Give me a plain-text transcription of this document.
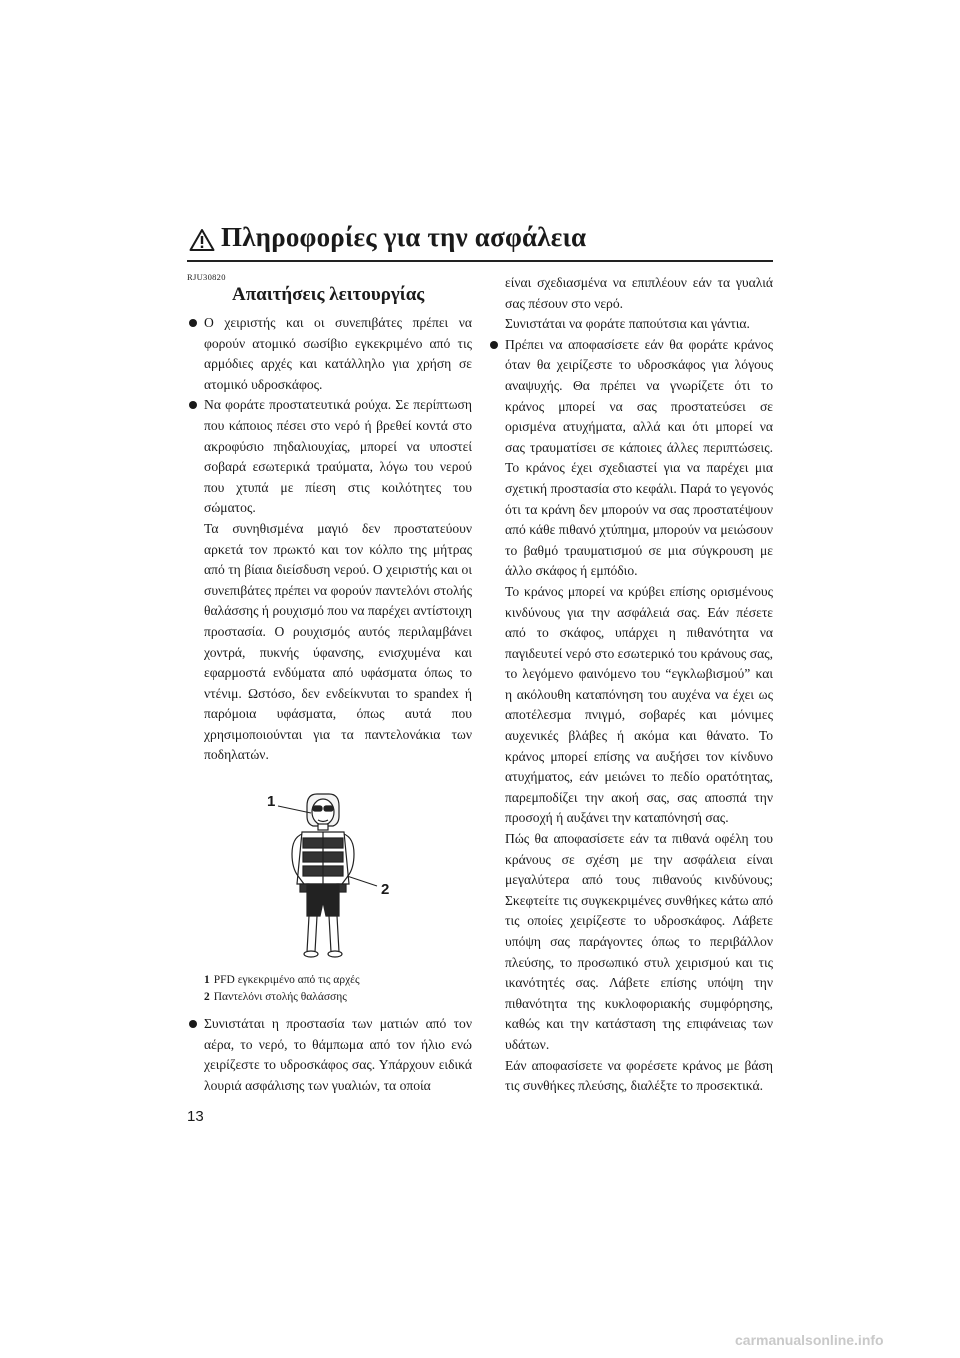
Πληροφορίες για την ασφάλεια
RJU30820
Απαιτήσεις λειτουργίας
Ο χειριστής και οι συνεπιβάτες πρέπει να φορούν ατομικό σωσίβιο εγκεκριμένο από τις αρμόδιες αρχές και κατάλληλο για χρήση σε ατομικό υδροσκάφος.
Να φοράτε προστατευτικά ρούχα. Σε περίπτωση που κάποιος πέσει στο νερό ή βρεθεί κοντά στο ακροφύσιο πηδαλιουχίας, μπορεί να υποστεί σοβαρά εσωτερικά τραύματα, λόγω του νερού που χτυπά με πίεση στις κοιλότητες του σώματος.
Τα συνηθισμένα μαγιό δεν προστατεύουν αρκετά τον πρωκτό και τον κόλπο της μήτρας από τη βίαια διείσδυση νερού. Ο χειριστής και οι συνεπιβάτες πρέπει να φορούν παντελόνι στολής θαλάσσης ή ρουχισμό που να παρέχει αντίστοιχη προστασία. Ο ρουχισμός αυτός περιλαμβάνει χοντρά, πυκνής ύφανσης, ενισχυμένα και εφαρμοστά ενδύματα από υφάσματα όπως το ντένιμ. Ωστόσο, δεν ενδείκνυται το spandex ή παρόμοια υφάσματα, όπως αυτά που χρησιμοποιούνται για τα παντελονάκια των ποδηλατών.
1
2
1 PFD εγκεκριμένο από τις αρχές
2 Παντελόνι στολής θαλάσσης
Συνιστάται η προστασία των ματιών από τον αέρα, το νερό, το θάμπωμα από τον ήλιο ενώ χειρίζεστε το υδροσκάφος σας. Υπάρχουν ειδικά λουριά ασφάλισης των γυαλιών, τα οποία
είναι σχεδιασμένα να επιπλέουν εάν τα γυαλιά σας πέσουν στο νερό.
Συνιστάται να φοράτε παπούτσια και γάντια.
Πρέπει να αποφασίσετε εάν θα φοράτε κράνος όταν θα χειρίζεστε το υδροσκάφος για λόγους αναψυχής. Θα πρέπει να γνωρίζετε ότι το κράνος μπορεί να σας προστατεύσει σε ορισμένα ατυχήματα, αλλά και ότι μπορεί να σας τραυματίσει σε κάποιες άλλες περιπτώσεις. Το κράνος έχει σχεδιαστεί για να παρέχει μια σχετική προστασία στο κεφάλι. Παρά το γεγονός ότι τα κράνη δεν μπορούν να σας προστατέψουν από κάθε πιθανό χτύπημα, μπορούν να μειώσουν το βαθμό τραυματισμού σε μια σύγκρουση με άλλο σκάφος ή εμπόδιο.
Το κράνος μπορεί να κρύβει επίσης ορισμένους κινδύνους για την ασφάλειά σας. Εάν πέσετε από το σκάφος, υπάρχει η πιθανότητα να παγιδευτεί νερό στο εσωτερικό του κράνους σας, το λεγόμενο φαινόμενο του “εγκλωβισμού” και η ακόλουθη καταπόνηση του αυχένα να έχει ως αποτέλεσμα πνιγμό, σοβαρές και μόνιμες αυχενικές βλάβες ή ακόμα και θάνατο. Το κράνος μπορεί επίσης να αυξήσει τον κίνδυνο ατυχήματος, εάν μειώνει το πεδίο ορατότητας, παρεμποδίζει την ακοή σας, σας αποσπά την προσοχή ή αυξάνει την καταπόνησή σας.
Πώς θα αποφασίσετε εάν τα πιθανά οφέλη του κράνους σε σχέση με την ασφάλεια είναι μεγαλύτερα από τους πιθανούς κινδύνους; Σκεφτείτε τις συγκεκριμένες συνθήκες κάτω από τις οποίες χειρίζεστε το υδροσκάφος. Λάβετε υπόψη σας παράγοντες όπως το περιβάλλον πλεύσης, το προσωπικό στυλ χειρισμού και τις ικανότητές σας. Λάβετε επίσης υπόψη την πιθανότητα της κυκλοφοριακής συμφόρησης, καθώς και την κατάσταση της επιφάνειας των υδάτων.
Εάν αποφασίσετε να φορέσετε κράνος με βάση τις συνθήκες πλεύσης, διαλέξτε το προσεκτικά.
13
carmanualsonline.info
